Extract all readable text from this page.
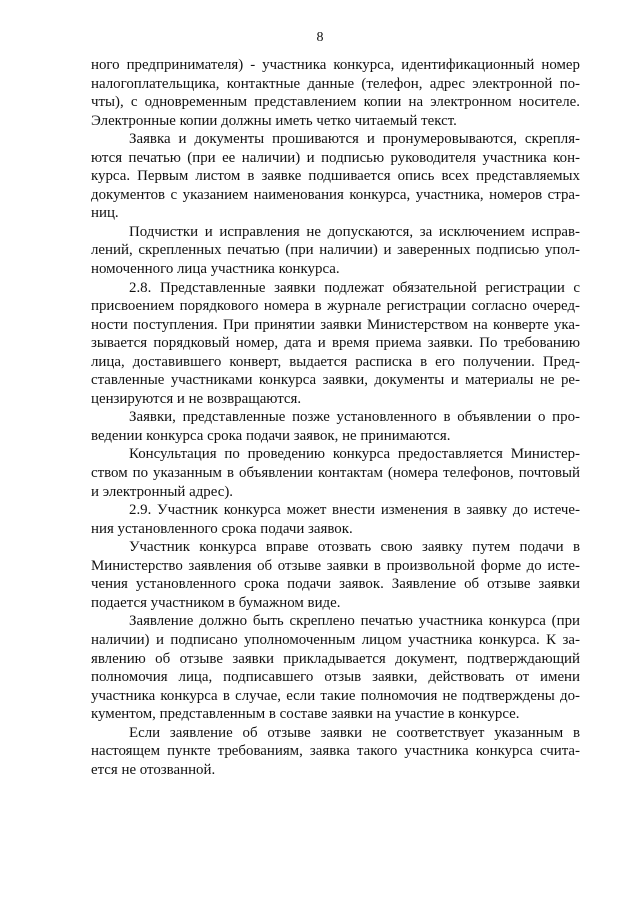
8
ного предпринимателя) - участника конкурса, идентификационный номер
налогоплательщика, контактные данные (телефон, адрес электронной по-
чты), с одновременным представлением копии на электронном носителе.
Электронные копии должны иметь четко читаемый текст.
Заявка и документы прошиваются и пронумеровываются, скрепля-
ются печатью (при ее наличии) и подписью руководителя участника кон-
курса. Первым листом в заявке подшивается опись всех представляемых
документов с указанием наименования конкурса, участника, номеров стра-
ниц.
Подчистки и исправления не допускаются, за исключением исправ-
лений, скрепленных печатью (при наличии) и заверенных подписью упол-
номоченного лица участника конкурса.
2.8. Представленные заявки подлежат обязательной регистрации с
присвоением порядкового номера в журнале регистрации согласно очеред-
ности поступления. При принятии заявки Министерством на конверте ука-
зывается порядковый номер, дата и время приема заявки. По требованию
лица, доставившего конверт, выдается расписка в его получении. Пред-
ставленные участниками конкурса заявки, документы и материалы не ре-
цензируются и не возвращаются.
Заявки, представленные позже установленного в объявлении о про-
ведении конкурса срока подачи заявок, не принимаются.
Консультация по проведению конкурса предоставляется Министер-
ством по указанным в объявлении контактам (номера телефонов, почтовый
и электронный адрес).
2.9. Участник конкурса может внести изменения в заявку до истече-
ния установленного срока подачи заявок.
Участник конкурса вправе отозвать свою заявку путем подачи в
Министерство заявления об отзыве заявки в произвольной форме до исте-
чения установленного срока подачи заявок. Заявление об отзыве заявки
подается участником в бумажном виде.
Заявление должно быть скреплено печатью участника конкурса (при
наличии) и подписано уполномоченным лицом участника конкурса. К за-
явлению об отзыве заявки прикладывается документ, подтверждающий
полномочия лица, подписавшего отзыв заявки, действовать от имени
участника конкурса в случае, если такие полномочия не подтверждены до-
кументом, представленным в составе заявки на участие в конкурсе.
Если заявление об отзыве заявки не соответствует указанным в
настоящем пункте требованиям, заявка такого участника конкурса счита-
ется не отозванной.
